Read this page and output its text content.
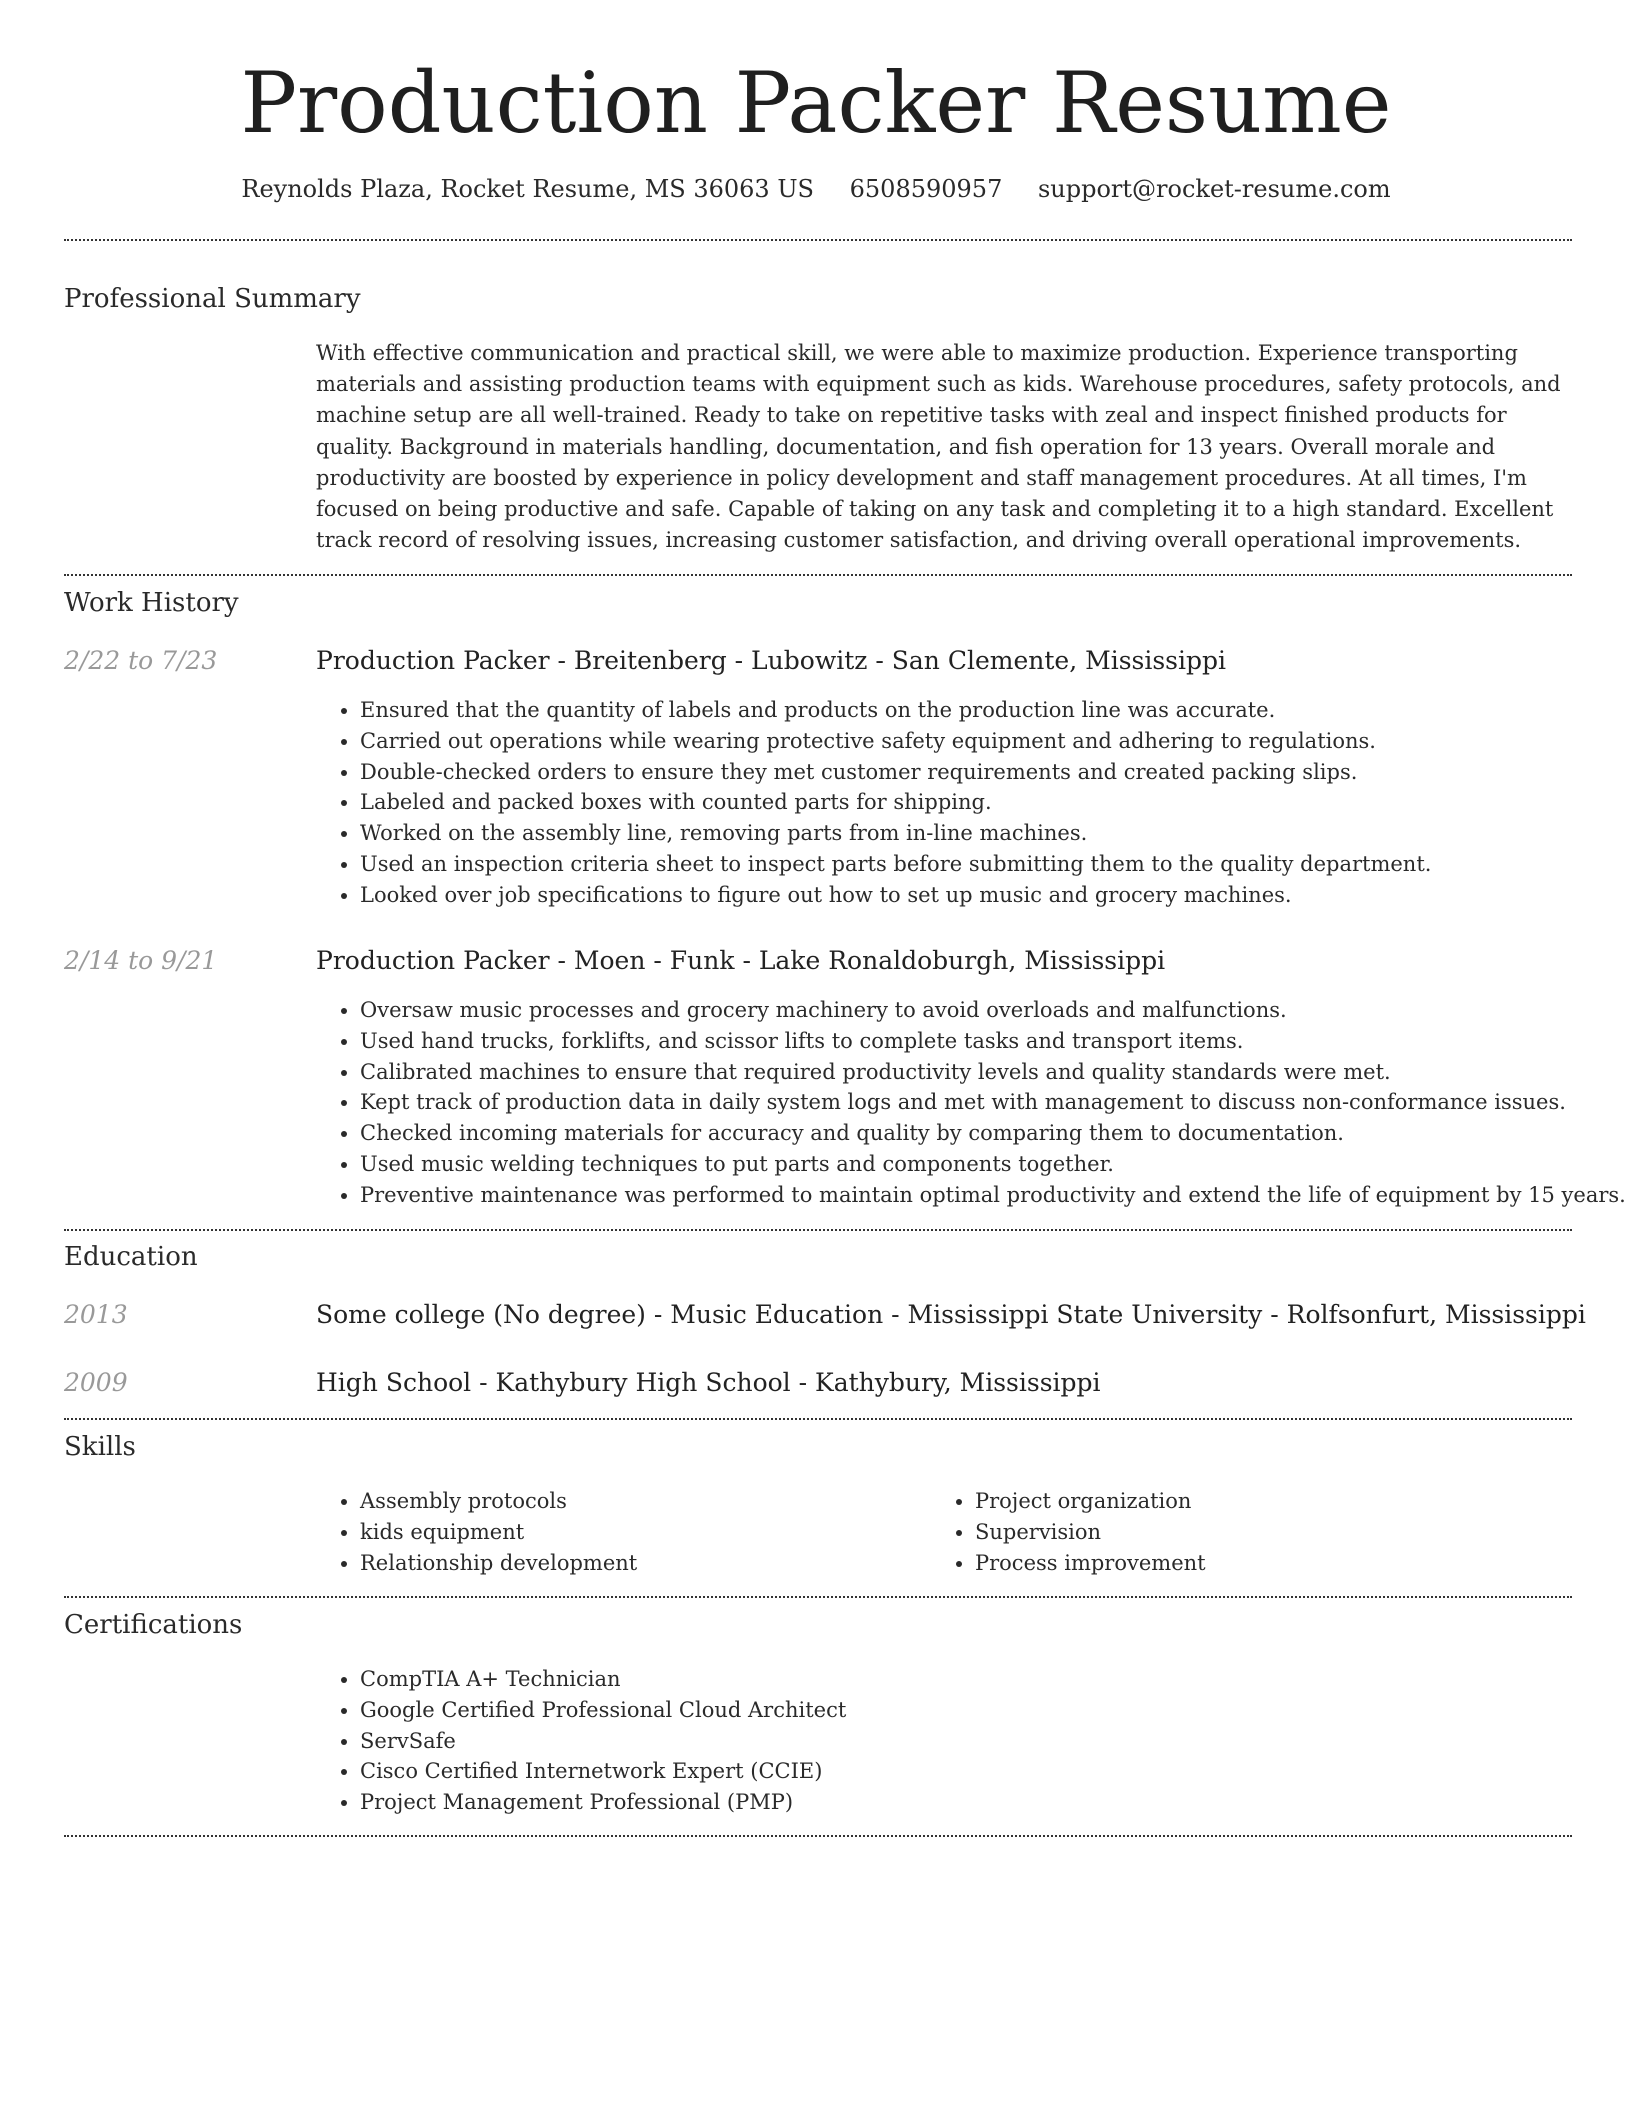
Production Packer Resume
Reynolds Plaza, Rocket Resume, MS 36063 US 6508590957 support@rocket-resume.com
Professional Summary

With effective communication and practical skill, we were able to maximize production. Experience transporting materials and assisting production teams with equipment such as kids. Warehouse procedures, safety protocols, and machine setup are all well-trained. Ready to take on repetitive tasks with zeal and inspect finished products for quality. Background in materials handling, documentation, and fish operation for 13 years. Overall morale and productivity are boosted by experience in policy development and staff management procedures. At all times, I'm focused on being productive and safe. Capable of taking on any task and completing it to a high standard. Excellent track record of resolving issues, increasing customer satisfaction, and driving overall operational improvements.

Work History
2/22 to 7/23	Production Packer - Breitenberg - Lubowitz - San Clemente, Mississippi
• Ensured that the quantity of labels and products on the production line was accurate.
• Carried out operations while wearing protective safety equipment and adhering to regulations.
• Double-checked orders to ensure they met customer requirements and created packing slips.
• Labeled and packed boxes with counted parts for shipping.
• Worked on the assembly line, removing parts from in-line machines.
• Used an inspection criteria sheet to inspect parts before submitting them to the quality department.
• Looked over job specifications to figure out how to set up music and grocery machines.
2/14 to 9/21	Production Packer - Moen - Funk - Lake Ronaldoburgh, Mississippi
• Oversaw music processes and grocery machinery to avoid overloads and malfunctions.
• Used hand trucks, forklifts, and scissor lifts to complete tasks and transport items.
• Calibrated machines to ensure that required productivity levels and quality standards were met.
• Kept track of production data in daily system logs and met with management to discuss non-conformance issues.
• Checked incoming materials for accuracy and quality by comparing them to documentation.
• Used music welding techniques to put parts and components together.
• Preventive maintenance was performed to maintain optimal productivity and extend the life of equipment by 15 years.
Education
2013	Some college (No degree) - Music Education - Mississippi State University - Rolfsonfurt, Mississippi
2009	High School - Kathybury High School - Kathybury, Mississippi
Skills
• Assembly protocols
• kids equipment
• Relationship development
• Project organization
• Supervision
• Process improvement
Certifications
• CompTIA A+ Technician
• Google Certified Professional Cloud Architect
• ServSafe
• Cisco Certified Internetwork Expert (CCIE)
• Project Management Professional (PMP)
